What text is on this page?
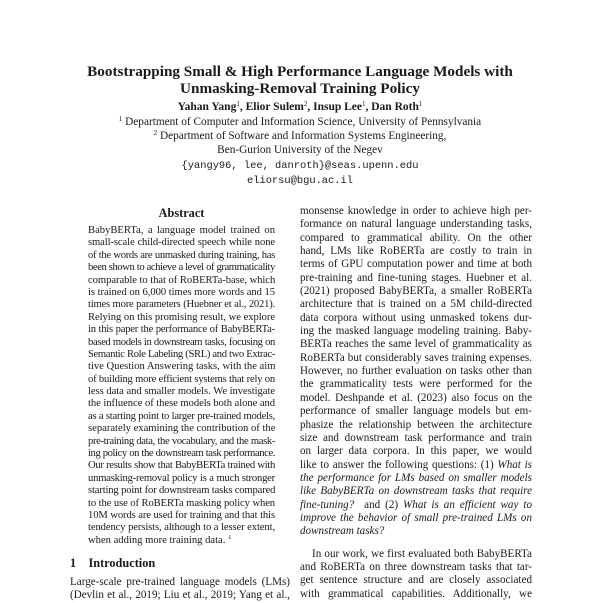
Bootstrapping Small & High Performance Language Models with
Unmasking-Removal Training Policy
Yahan Yang$^1$, Elior Sulem$^2$, Insup Lee$^1$, Dan Roth$^1$
$^1$ Department of Computer and Information Science, University of Pennsylvania
$^2$ Department of Software and Information Systems Engineering,
Ben-Gurion University of the Negev
{yangy96, lee, danroth}@seas.upenn.edu
eliorsu@bgu.ac.il
Abstract
BabyBERTa, a language model trained on
small-scale child-directed speech while none
of the words are unmasked during training, has
been shown to achieve a level of grammaticality
comparable to that of RoBERTa-base, which
is trained on 6,000 times more words and 15
times more parameters (Huebner et al., 2021).
Relying on this promising result, we explore
in this paper the performance of BabyBERTa-
based models in downstream tasks, focusing on
Semantic Role Labeling (SRL) and two Extrac-
tive Question Answering tasks, with the aim
of building more efficient systems that rely on
less data and smaller models. We investigate
the influence of these models both alone and
as a starting point to larger pre-trained models,
separately examining the contribution of the
pre-training data, the vocabulary, and the mask-
ing policy on the downstream task performance.
Our results show that BabyBERTa trained with
unmasking-removal policy is a much stronger
starting point for downstream tasks compared
to the use of RoBERTa masking policy when
10M words are used for training and that this
tendency persists, although to a lesser extent,
when adding more training data. $^1$
1 Introduction
Large-scale pre-trained language models (LMs)
(Devlin et al., 2019; Liu et al., 2019; Yang et al.,
monsense knowledge in order to achieve high per-
formance on natural language understanding tasks,
compared to grammatical ability. On the other
hand, LMs like RoBERTa are costly to train in
terms of GPU computation power and time at both
pre-training and fine-tuning stages. Huebner et al.
(2021) proposed BabyBERTa, a smaller RoBERTa
architecture that is trained on a 5M child-directed
data corpora without using unmasked tokens dur-
ing the masked language modeling training. Baby-
BERTa reaches the same level of grammaticality as
RoBERTa but considerably saves training expenses.
However, no further evaluation on tasks other than
the grammaticality tests were performed for the
model. Deshpande et al. (2023) also focus on the
performance of smaller language models but em-
phasize the relationship between the architecture
size and downstream task performance and train
on larger data corpora. In this paper, we would
like to answer the following questions: (1) What is
the performance for LMs based on smaller models
like BabyBERTa on downstream tasks that require
fine-tuning?  and (2) What is an efficient way to
improve the behavior of small pre-trained LMs on
downstream tasks?
In our work, we first evaluated both BabyBERTa
and RoBERTa on three downstream tasks that tar-
get sentence structure and are closely associated
with grammatical capabilities. Additionally, we
